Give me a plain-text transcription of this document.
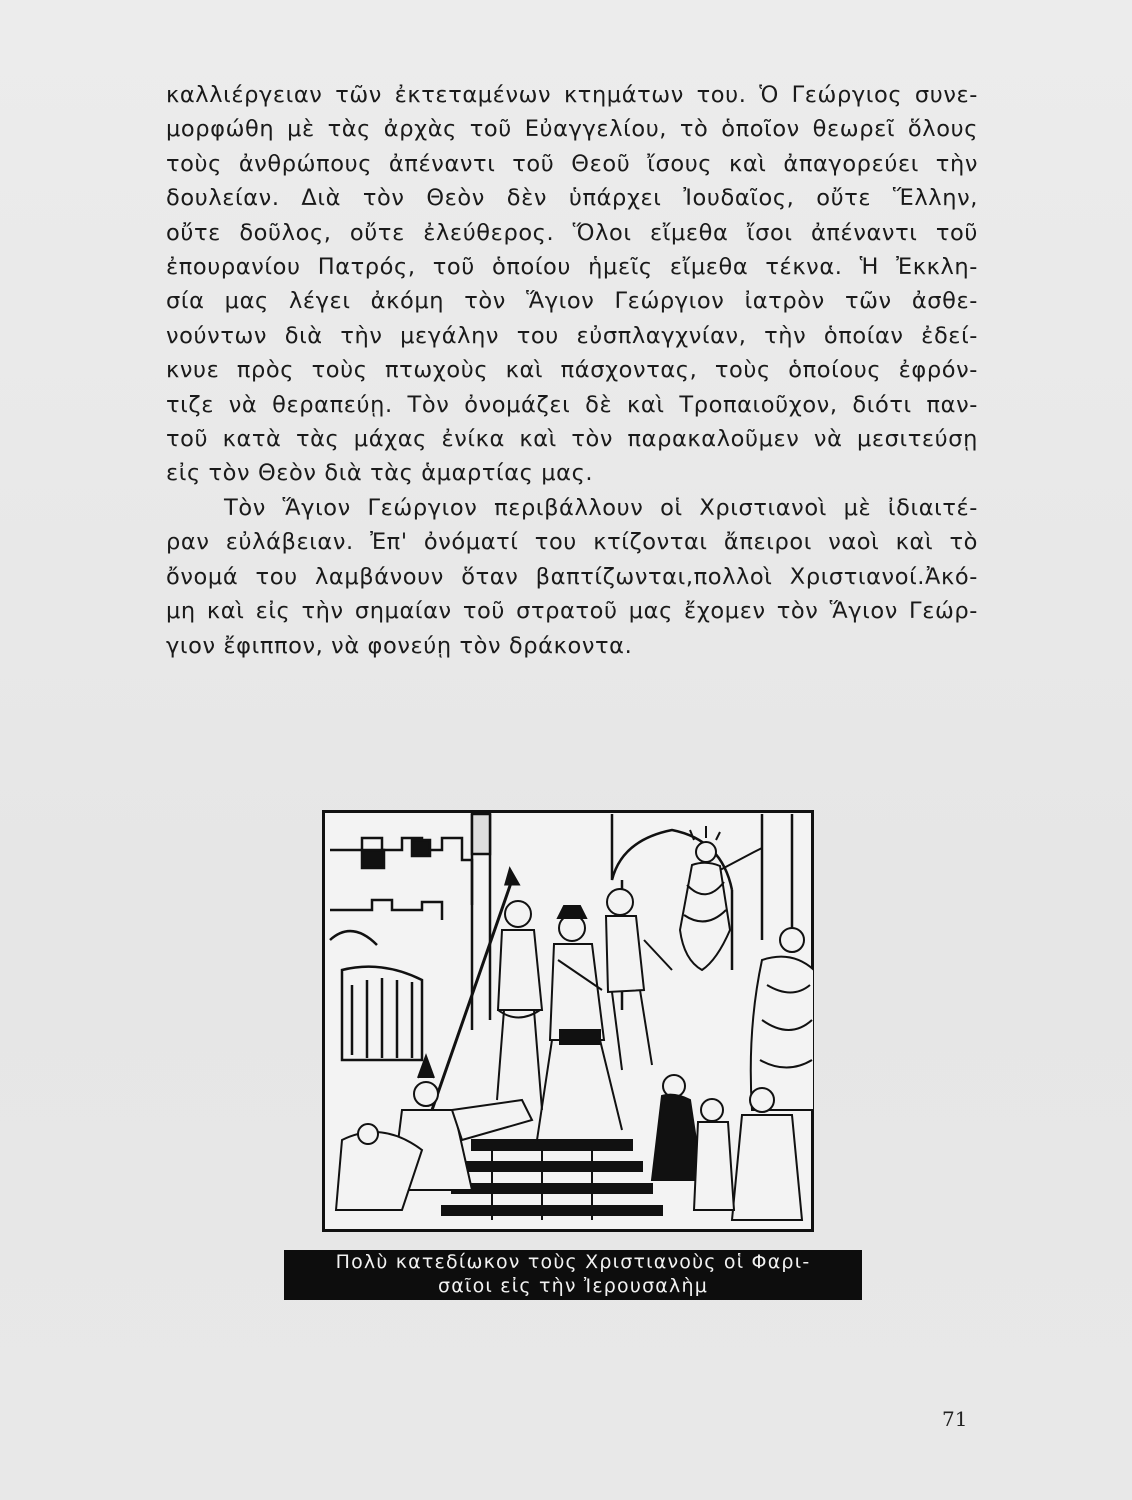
καλλιέργειαν τῶν ἐκτεταμένων κτημάτων του. Ὁ Γεώργιος συνε-
μορφώθη μὲ τὰς ἀρχὰς τοῦ Εὐαγγελίου, τὸ ὁποῖον θεωρεῖ ὅλους
τοὺς ἀνθρώπους ἀπέναντι τοῦ Θεοῦ ἴσους καὶ ἀπαγορεύει τὴν
δουλείαν. Διὰ τὸν Θεὸν δὲν ὑπάρχει Ἰουδαῖος, οὔτε Ἕλλην,
οὔτε δοῦλος, οὔτε ἐλεύθερος. Ὅλοι εἴμεθα ἴσοι ἀπέναντι τοῦ
ἐπουρανίου Πατρός, τοῦ ὁποίου ἡμεῖς εἴμεθα τέκνα. Ἡ Ἐκκλη-
σία μας λέγει ἀκόμη τὸν Ἅγιον Γεώργιον ἰατρὸν τῶν ἀσθε-
νούντων διὰ τὴν μεγάλην του εὐσπλαγχνίαν, τὴν ὁποίαν ἐδεί-
κνυε πρὸς τοὺς πτωχοὺς καὶ πάσχοντας, τοὺς ὁποίους ἐφρόν-
τιζε νὰ θεραπεύῃ. Τὸν ὀνομάζει δὲ καὶ Τροπαιοῦχον, διότι παν-
τοῦ κατὰ τὰς μάχας ἐνίκα καὶ τὸν παρακαλοῦμεν νὰ μεσιτεύσῃ
εἰς τὸν Θεὸν διὰ τὰς ἁμαρτίας μας.

Τὸν Ἅγιον Γεώργιον περιβάλλουν οἱ Χριστιανοὶ μὲ ἰδιαιτέ-
ραν εὐλάβειαν. Ἐπ' ὀνόματί του κτίζονται ἄπειροι ναοὶ καὶ τὸ
ὄνομά του λαμβάνουν ὅταν βαπτίζωνται,πολλοὶ Χριστιανοί.Ἀκό-
μη καὶ εἰς τὴν σημαίαν τοῦ στρατοῦ μας ἔχομεν τὸν Ἅγιον Γεώρ-
γιον ἔφιππον, νὰ φονεύῃ τὸν δράκοντα.

Πολὺ κατεδίωκον τοὺς Χριστιανοὺς οἱ Φαρι-
σαῖοι εἰς τὴν Ἰερουσαλὴμ
71
